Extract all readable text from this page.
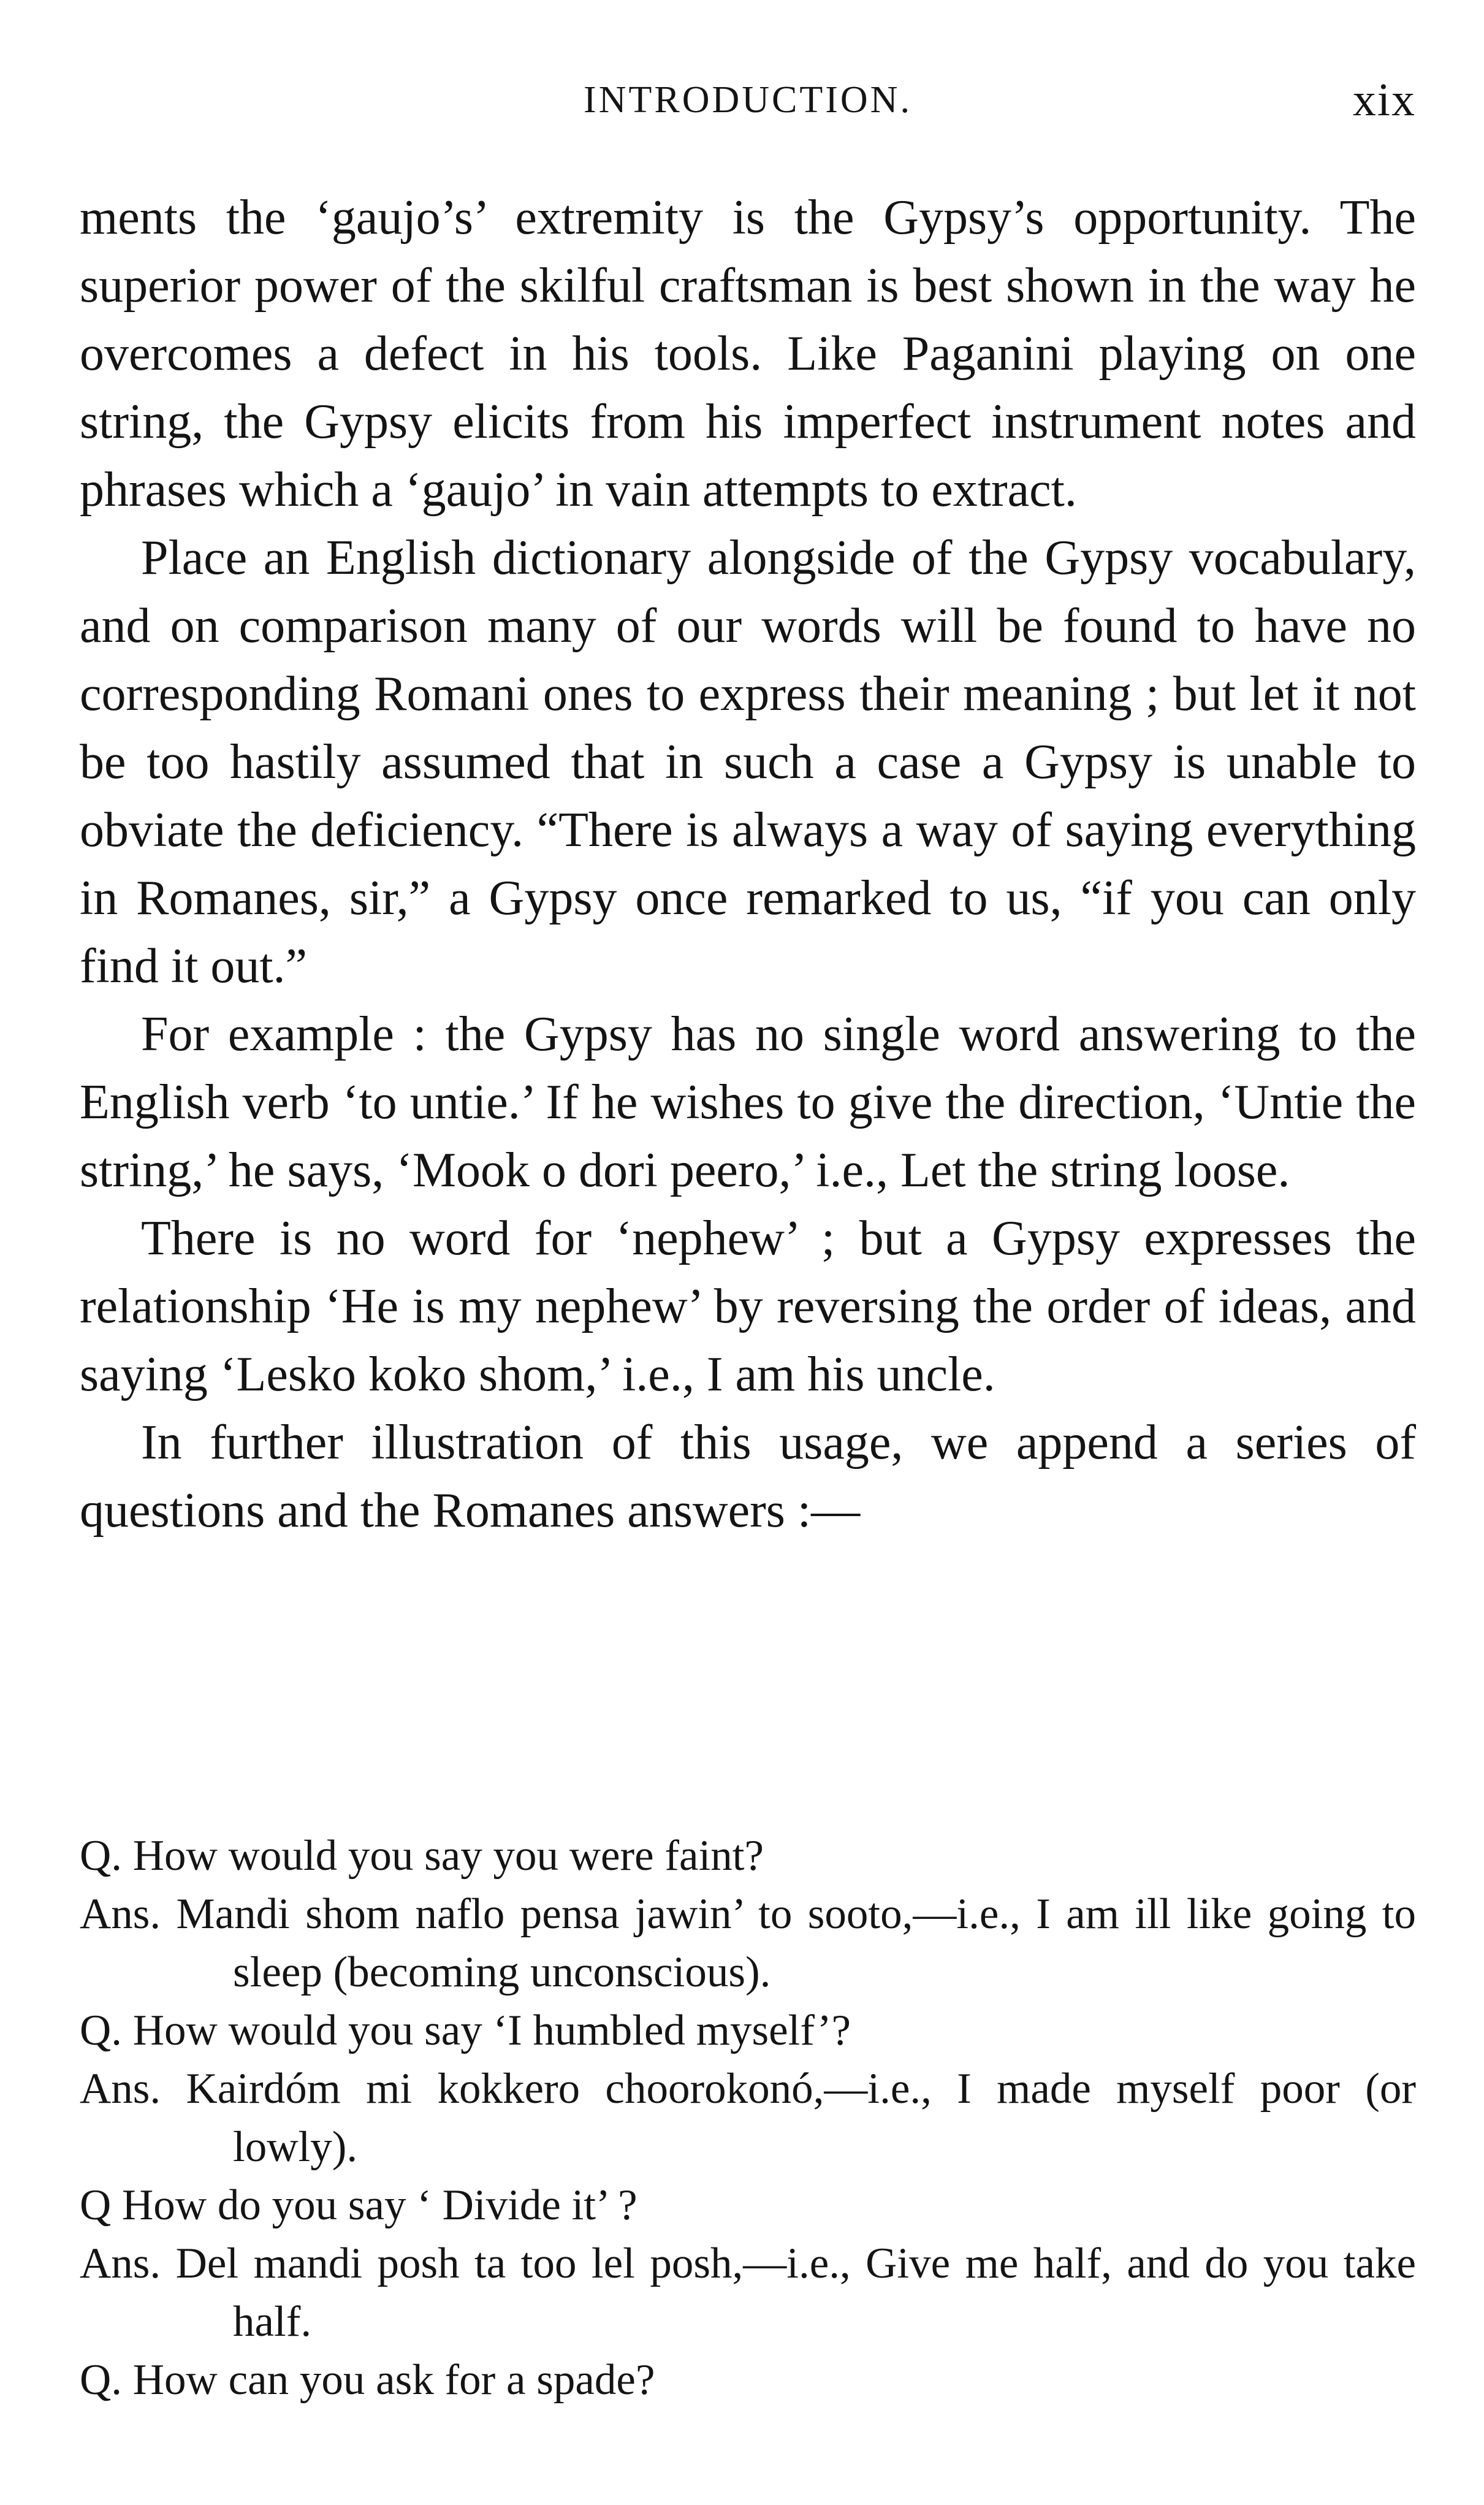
INTRODUCTION.	xix

ments the ‘gaujo’s’ extremity is the Gypsy’s opportunity. The superior power of the skilful craftsman is best shown in the way he overcomes a defect in his tools. Like Paganini playing on one string, the Gypsy elicits from his imperfect instrument notes and phrases which a ‘gaujo’ in vain attempts to extract.

Place an English dictionary alongside of the Gypsy vocabulary, and on comparison many of our words will be found to have no corresponding Romani ones to express their meaning ; but let it not be too hastily assumed that in such a case a Gypsy is unable to obviate the deficiency. “There is always a way of saying everything in Romanes, sir,” a Gypsy once remarked to us, “if you can only find it out.”

For example : the Gypsy has no single word answering to the English verb ‘to untie.’ If he wishes to give the direction, ‘Untie the string,’ he says, ‘Mook o dori peero,’ i.e., Let the string loose.

There is no word for ‘nephew’ ; but a Gypsy expresses the relationship ‘He is my nephew’ by reversing the order of ideas, and saying ‘Lesko koko shom,’ i.e., I am his uncle.

In further illustration of this usage, we append a series of questions and the Romanes answers :—

Q. How would you say you were faint?

Ans. Mandi shom naflo pensa jawin’ to sooto,—i.e., I am ill like going to sleep (becoming unconscious).

Q. How would you say ‘I humbled myself’?

Ans. Kairdóm mi kokkero choorokonó,—i.e., I made myself poor (or lowly).

Q How do you say ‘ Divide it’ ?

Ans. Del mandi posh ta too lel posh,—i.e., Give me half, and do you take half.

Q. How can you ask for a spade?
